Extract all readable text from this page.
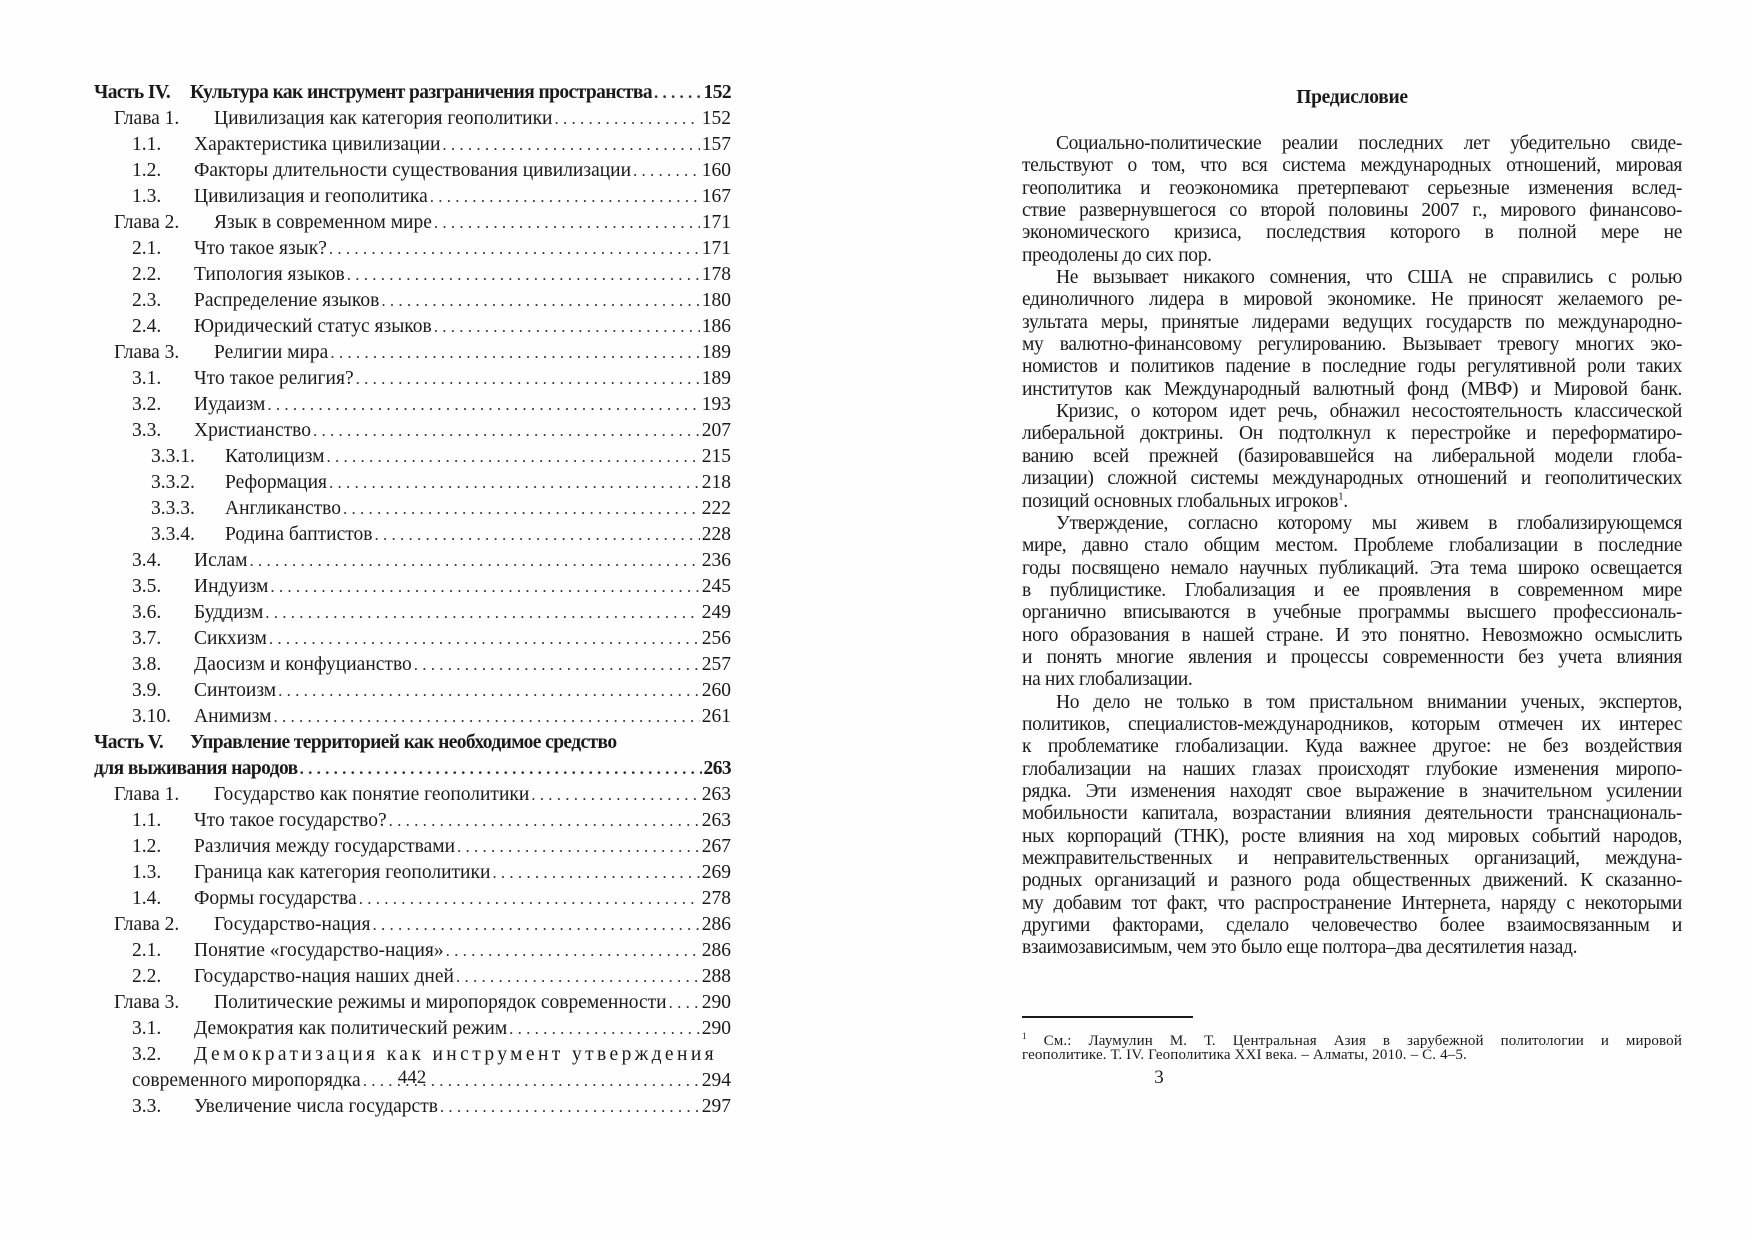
Часть IV.	Культура как инструмент разграничения пространства . . .	152
Глава 1.	Цивилизация как категория геополитики . . .	152
1.1.	Характеристика цивилизации . . .	157
1.2.	Факторы длительности существования цивилизации . . .	160
1.3.	Цивилизация и геополитика . . .	167
Глава 2.	Язык в современном мире . . .	171
2.1.	Что такое язык? . . .	171
2.2.	Типология языков . . .	178
2.3.	Распределение языков . . .	180
2.4.	Юридический статус языков . . .	186
Глава 3.	Религии мира . . .	189
3.1.	Что такое религия? . . .	189
3.2.	Иудаизм . . .	193
3.3.	Христианство . . .	207
3.3.1.	Католицизм . . .	215
3.3.2.	Реформация . . .	218
3.3.3.	Англиканство . . .	222
3.3.4.	Родина баптистов . . .	228
3.4.	Ислам . . .	236
3.5.	Индуизм . . .	245
3.6.	Буддизм . . .	249
3.7.	Сикхизм . . .	256
3.8.	Даосизм и конфуцианство . . .	257
3.9.	Синтоизм . . .	260
3.10.	Анимизм . . .	261
Часть V.	Управление территорией как необходимое средство
для выживания народов . . .	263
Глава 1.	Государство как понятие геополитики . . .	263
1.1.	Что такое государство? . . .	263
1.2.	Различия между государствами . . .	267
1.3.	Граница как категория геополитики . . .	269
1.4.	Формы государства . . .	278
Глава 2.	Государство-нация . . .	286
2.1.	Понятие «государство-нация» . . .	286
2.2.	Государство-нация наших дней . . .	288
Глава 3.	Политические режимы и миропорядок современности . . . 290
3.1.	Демократия как политический режим . . .	290
3.2.	Демократизация как инструмент утверждения
современного миропорядка . . .	294
3.3.	Увеличение числа государств . . .	297
442
Предисловие
Социально-политические реалии последних лет убедительно свиде-
тельствуют о том, что вся система международных отношений, мировая
геополитика и геоэкономика претерпевают серьезные изменения вслед-
ствие развернувшегося со второй половины 2007 г., мирового финансово-
экономического кризиса, последствия которого в полной мере не
преодолены до сих пор.
Не вызывает никакого сомнения, что США не справились с ролью
единоличного лидера в мировой экономике. Не приносят желаемого ре-
зультата меры, принятые лидерами ведущих государств по международно-
му валютно-финансовому регулированию. Вызывает тревогу многих эко-
номистов и политиков падение в последние годы регулятивной роли таких
институтов как Международный валютный фонд (МВФ) и Мировой банк.
Кризис, о котором идет речь, обнажил несостоятельность классической
либеральной доктрины. Он подтолкнул к перестройке и переформатиро-
ванию всей прежней (базировавшейся на либеральной модели глоба-
лизации) сложной системы международных отношений и геополитических
позиций основных глобальных игроков$^1$.
Утверждение, согласно которому мы живем в глобализирующемся
мире, давно стало общим местом. Проблеме глобализации в последние
годы посвящено немало научных публикаций. Эта тема широко освещается
в публицистике. Глобализация и ее проявления в современном мире
органично вписываются в учебные программы высшего профессиональ-
ного образования в нашей стране. И это понятно. Невозможно осмыслить
и понять многие явления и процессы современности без учета влияния
на них глобализации.
Но дело не только в том пристальном внимании ученых, экспертов,
политиков, специалистов-международников, которым отмечен их интерес
к проблематике глобализации. Куда важнее другое: не без воздействия
глобализации на наших глазах происходят глубокие изменения миропо-
рядка. Эти изменения находят свое выражение в значительном усилении
мобильности капитала, возрастании влияния деятельности транснациональ-
ных корпораций (ТНК), росте влияния на ход мировых событий народов,
межправительственных и неправительственных организаций, междуна-
родных организаций и разного рода общественных движений. К сказанно-
му добавим тот факт, что распространение Интернета, наряду с некоторыми
другими факторами, сделало человечество более взаимосвязанным и
взаимозависимым, чем это было еще полтора–два десятилетия назад.
$^1$ См.: Лаумулин М. Т. Центральная Азия в зарубежной политологии и мировой
геополитике. Т. IV. Геополитика XXI века. – Алматы, 2010. – С. 4–5.
3
